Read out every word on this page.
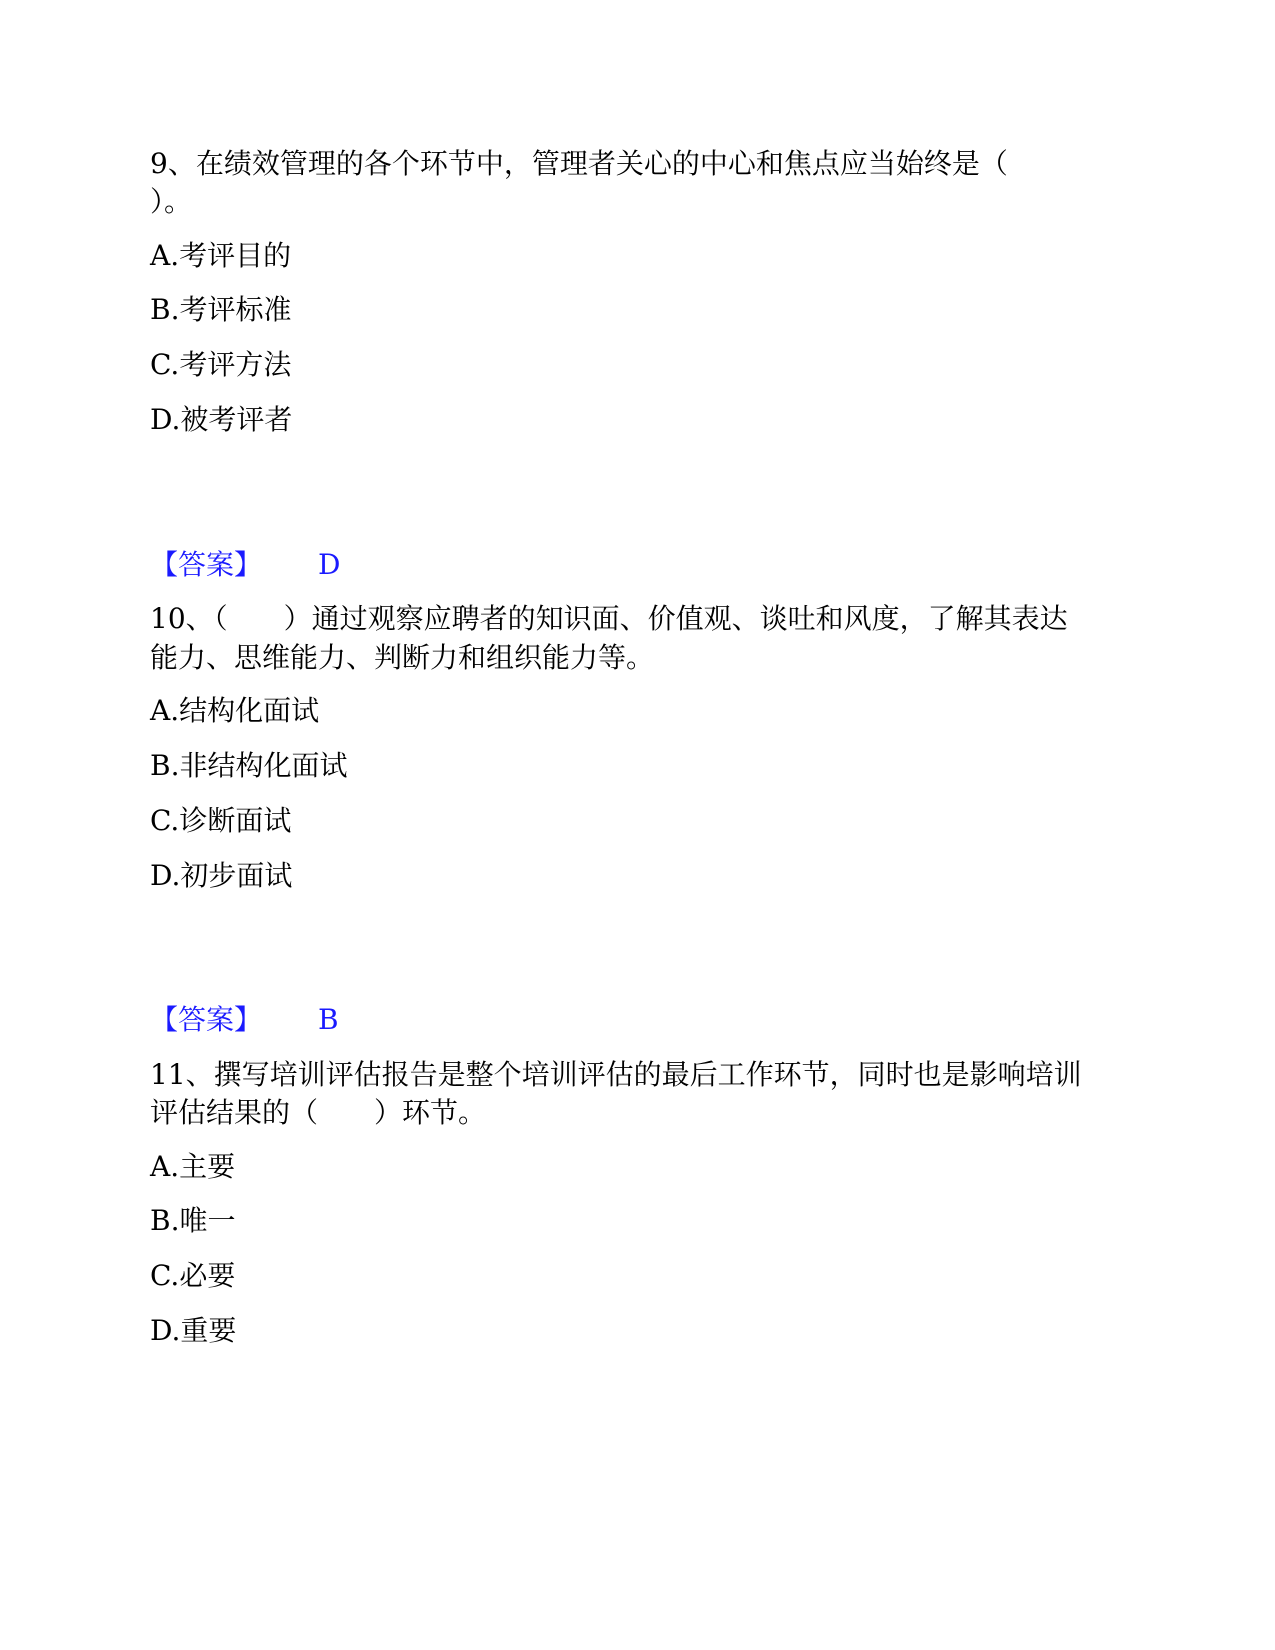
9、在绩效管理的各个环节中，管理者关心的中心和焦点应当始终是（
）。
A.考评目的
B.考评标准
C.考评方法
D.被考评者
【答案】 D
10、（　　）通过观察应聘者的知识面、价值观、谈吐和风度，了解其表达
能力、思维能力、判断力和组织能力等。
A.结构化面试
B.非结构化面试
C.诊断面试
D.初步面试
【答案】 B
11、撰写培训评估报告是整个培训评估的最后工作环节，同时也是影响培训
评估结果的（　　）环节。
A.主要
B.唯一
C.必要
D.重要
